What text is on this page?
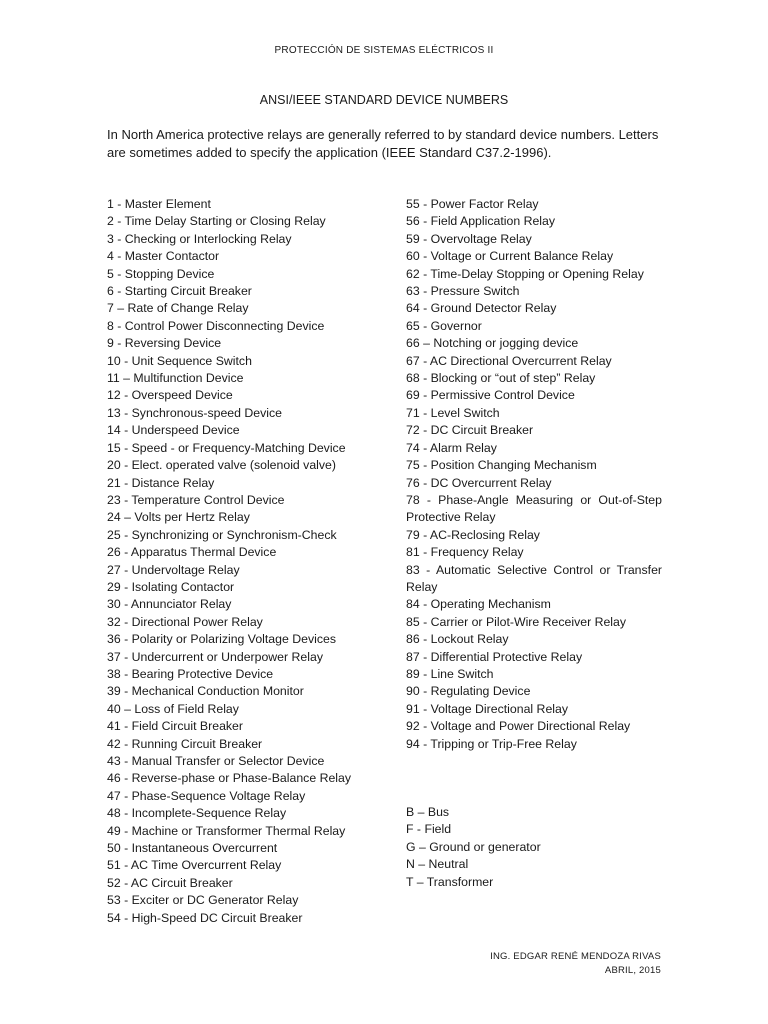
PROTECCIÓN DE SISTEMAS ELÉCTRICOS II
ANSI/IEEE STANDARD DEVICE NUMBERS

In North America protective relays are generally referred to by standard device numbers. Letters are sometimes added to specify the application (IEEE Standard C37.2-1996).

1 - Master Element
2 - Time Delay Starting or Closing Relay
3 - Checking or Interlocking Relay
4 - Master Contactor
5 - Stopping Device
6 - Starting Circuit Breaker
7 – Rate of Change Relay
8 - Control Power Disconnecting Device
9 - Reversing Device
10 - Unit Sequence Switch
11 – Multifunction Device
12 - Overspeed Device
13 - Synchronous-speed Device
14 - Underspeed Device
15 - Speed - or Frequency-Matching Device
20 - Elect. operated valve (solenoid valve)
21 - Distance Relay
23 - Temperature Control Device
24 – Volts per Hertz Relay
25 - Synchronizing or Synchronism-Check
26 - Apparatus Thermal Device
27 - Undervoltage Relay
29 - Isolating Contactor
30 - Annunciator Relay
32 - Directional Power Relay
36 - Polarity or Polarizing Voltage Devices
37 - Undercurrent or Underpower Relay
38 - Bearing Protective Device
39 - Mechanical Conduction Monitor
40 – Loss of Field Relay
41 - Field Circuit Breaker
42 - Running Circuit Breaker
43 - Manual Transfer or Selector Device
46 - Reverse-phase or Phase-Balance Relay
47 - Phase-Sequence Voltage Relay
48 - Incomplete-Sequence Relay
49 - Machine or Transformer Thermal Relay
50 - Instantaneous Overcurrent
51 - AC Time Overcurrent Relay
52 - AC Circuit Breaker
53 - Exciter or DC Generator Relay
54 - High-Speed DC Circuit Breaker
55 - Power Factor Relay
56 - Field Application Relay
59 - Overvoltage Relay
60 - Voltage or Current Balance Relay
62 - Time-Delay Stopping or Opening Relay
63 - Pressure Switch
64 - Ground Detector Relay
65 - Governor
66 – Notching or jogging device
67 - AC Directional Overcurrent Relay
68 - Blocking or “out of step” Relay
69 - Permissive Control Device
71 - Level Switch
72 - DC Circuit Breaker
74 - Alarm Relay
75 - Position Changing Mechanism
76 - DC Overcurrent Relay
78 - Phase-Angle Measuring or Out-of-Step Protective Relay
79 - AC-Reclosing Relay
81 - Frequency Relay
83 - Automatic Selective Control or Transfer Relay
84 - Operating Mechanism
85 - Carrier or Pilot-Wire Receiver Relay
86 - Lockout Relay
87 - Differential Protective Relay
89 - Line Switch
90 - Regulating Device
91 - Voltage Directional Relay
92 - Voltage and Power Directional Relay
94 - Tripping or Trip-Free Relay
B – Bus
F - Field
G – Ground or generator
N – Neutral
T – Transformer
ING. EDGAR RENÉ MENDOZA RIVAS
ABRIL, 2015
